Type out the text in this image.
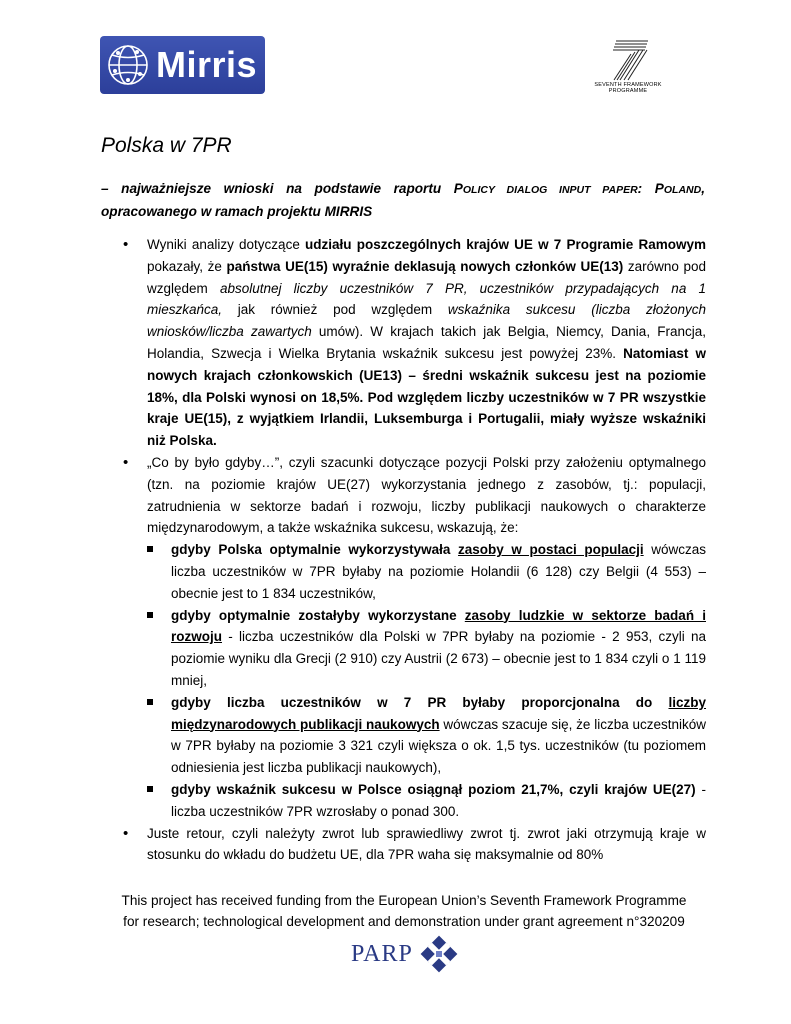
Mirris	SEVENTH FRAMEWORK
PROGRAMME
Polska w 7PR

– najważniejsze wnioski na podstawie raportu POLICY DIALOG INPUT PAPER: POLAND, opracowanego w ramach projektu MIRRIS

• Wyniki analizy dotyczące udziału poszczególnych krajów UE w 7 Programie Ramowym pokazały, że państwa UE(15) wyraźnie deklasują nowych członków UE(13) zarówno pod względem absolutnej liczby uczestników 7 PR, uczestników przypadających na 1 mieszkańca, jak również pod względem wskaźnika sukcesu (liczba złożonych wniosków/liczba zawartych umów). W krajach takich jak Belgia, Niemcy, Dania, Francja, Holandia, Szwecja i Wielka Brytania wskaźnik sukcesu jest powyżej 23%. Natomiast w nowych krajach członkowskich (UE13) – średni wskaźnik sukcesu jest na poziomie 18%, dla Polski wynosi on 18,5%. Pod względem liczby uczestników w 7 PR wszystkie kraje UE(15), z wyjątkiem Irlandii, Luksemburga i Portugalii, miały wyższe wskaźniki niż Polska.
• „Co by było gdyby…”, czyli szacunki dotyczące pozycji Polski przy założeniu optymalnego (tzn. na poziomie krajów UE(27) wykorzystania jednego z zasobów, tj.: populacji, zatrudnienia w sektorze badań i rozwoju, liczby publikacji naukowych o charakterze międzynarodowym, a także wskaźnika sukcesu, wskazują, że:
gdyby Polska optymalnie wykorzystywała zasoby w postaci populacji wówczas liczba uczestników w 7PR byłaby na poziomie Holandii (6 128) czy Belgii (4 553) – obecnie jest to 1 834 uczestników,
gdyby optymalnie zostałyby wykorzystane zasoby ludzkie w sektorze badań i rozwoju - liczba uczestników dla Polski w 7PR byłaby na poziomie - 2 953, czyli na poziomie wyniku dla Grecji (2 910) czy Austrii (2 673) – obecnie jest to 1 834 czyli o 1 119 mniej,
gdyby liczba uczestników w 7 PR byłaby proporcjonalna do liczby międzynarodowych publikacji naukowych wówczas szacuje się, że liczba uczestników w 7PR byłaby na poziomie 3 321 czyli większa o ok. 1,5 tys. uczestników (tu poziomem odniesienia jest liczba publikacji naukowych),
gdyby wskaźnik sukcesu w Polsce osiągnął poziom 21,7%, czyli krajów UE(27) - liczba uczestników 7PR wzrosłaby o ponad 300.
• Juste retour, czyli należyty zwrot lub sprawiedliwy zwrot tj. zwrot jaki otrzymują kraje w stosunku do wkładu do budżetu UE, dla 7PR waha się maksymalnie od 80%
This project has received funding from the European Union’s Seventh Framework Programme
for research; technological development and demonstration under grant agreement n°320209
PARP
